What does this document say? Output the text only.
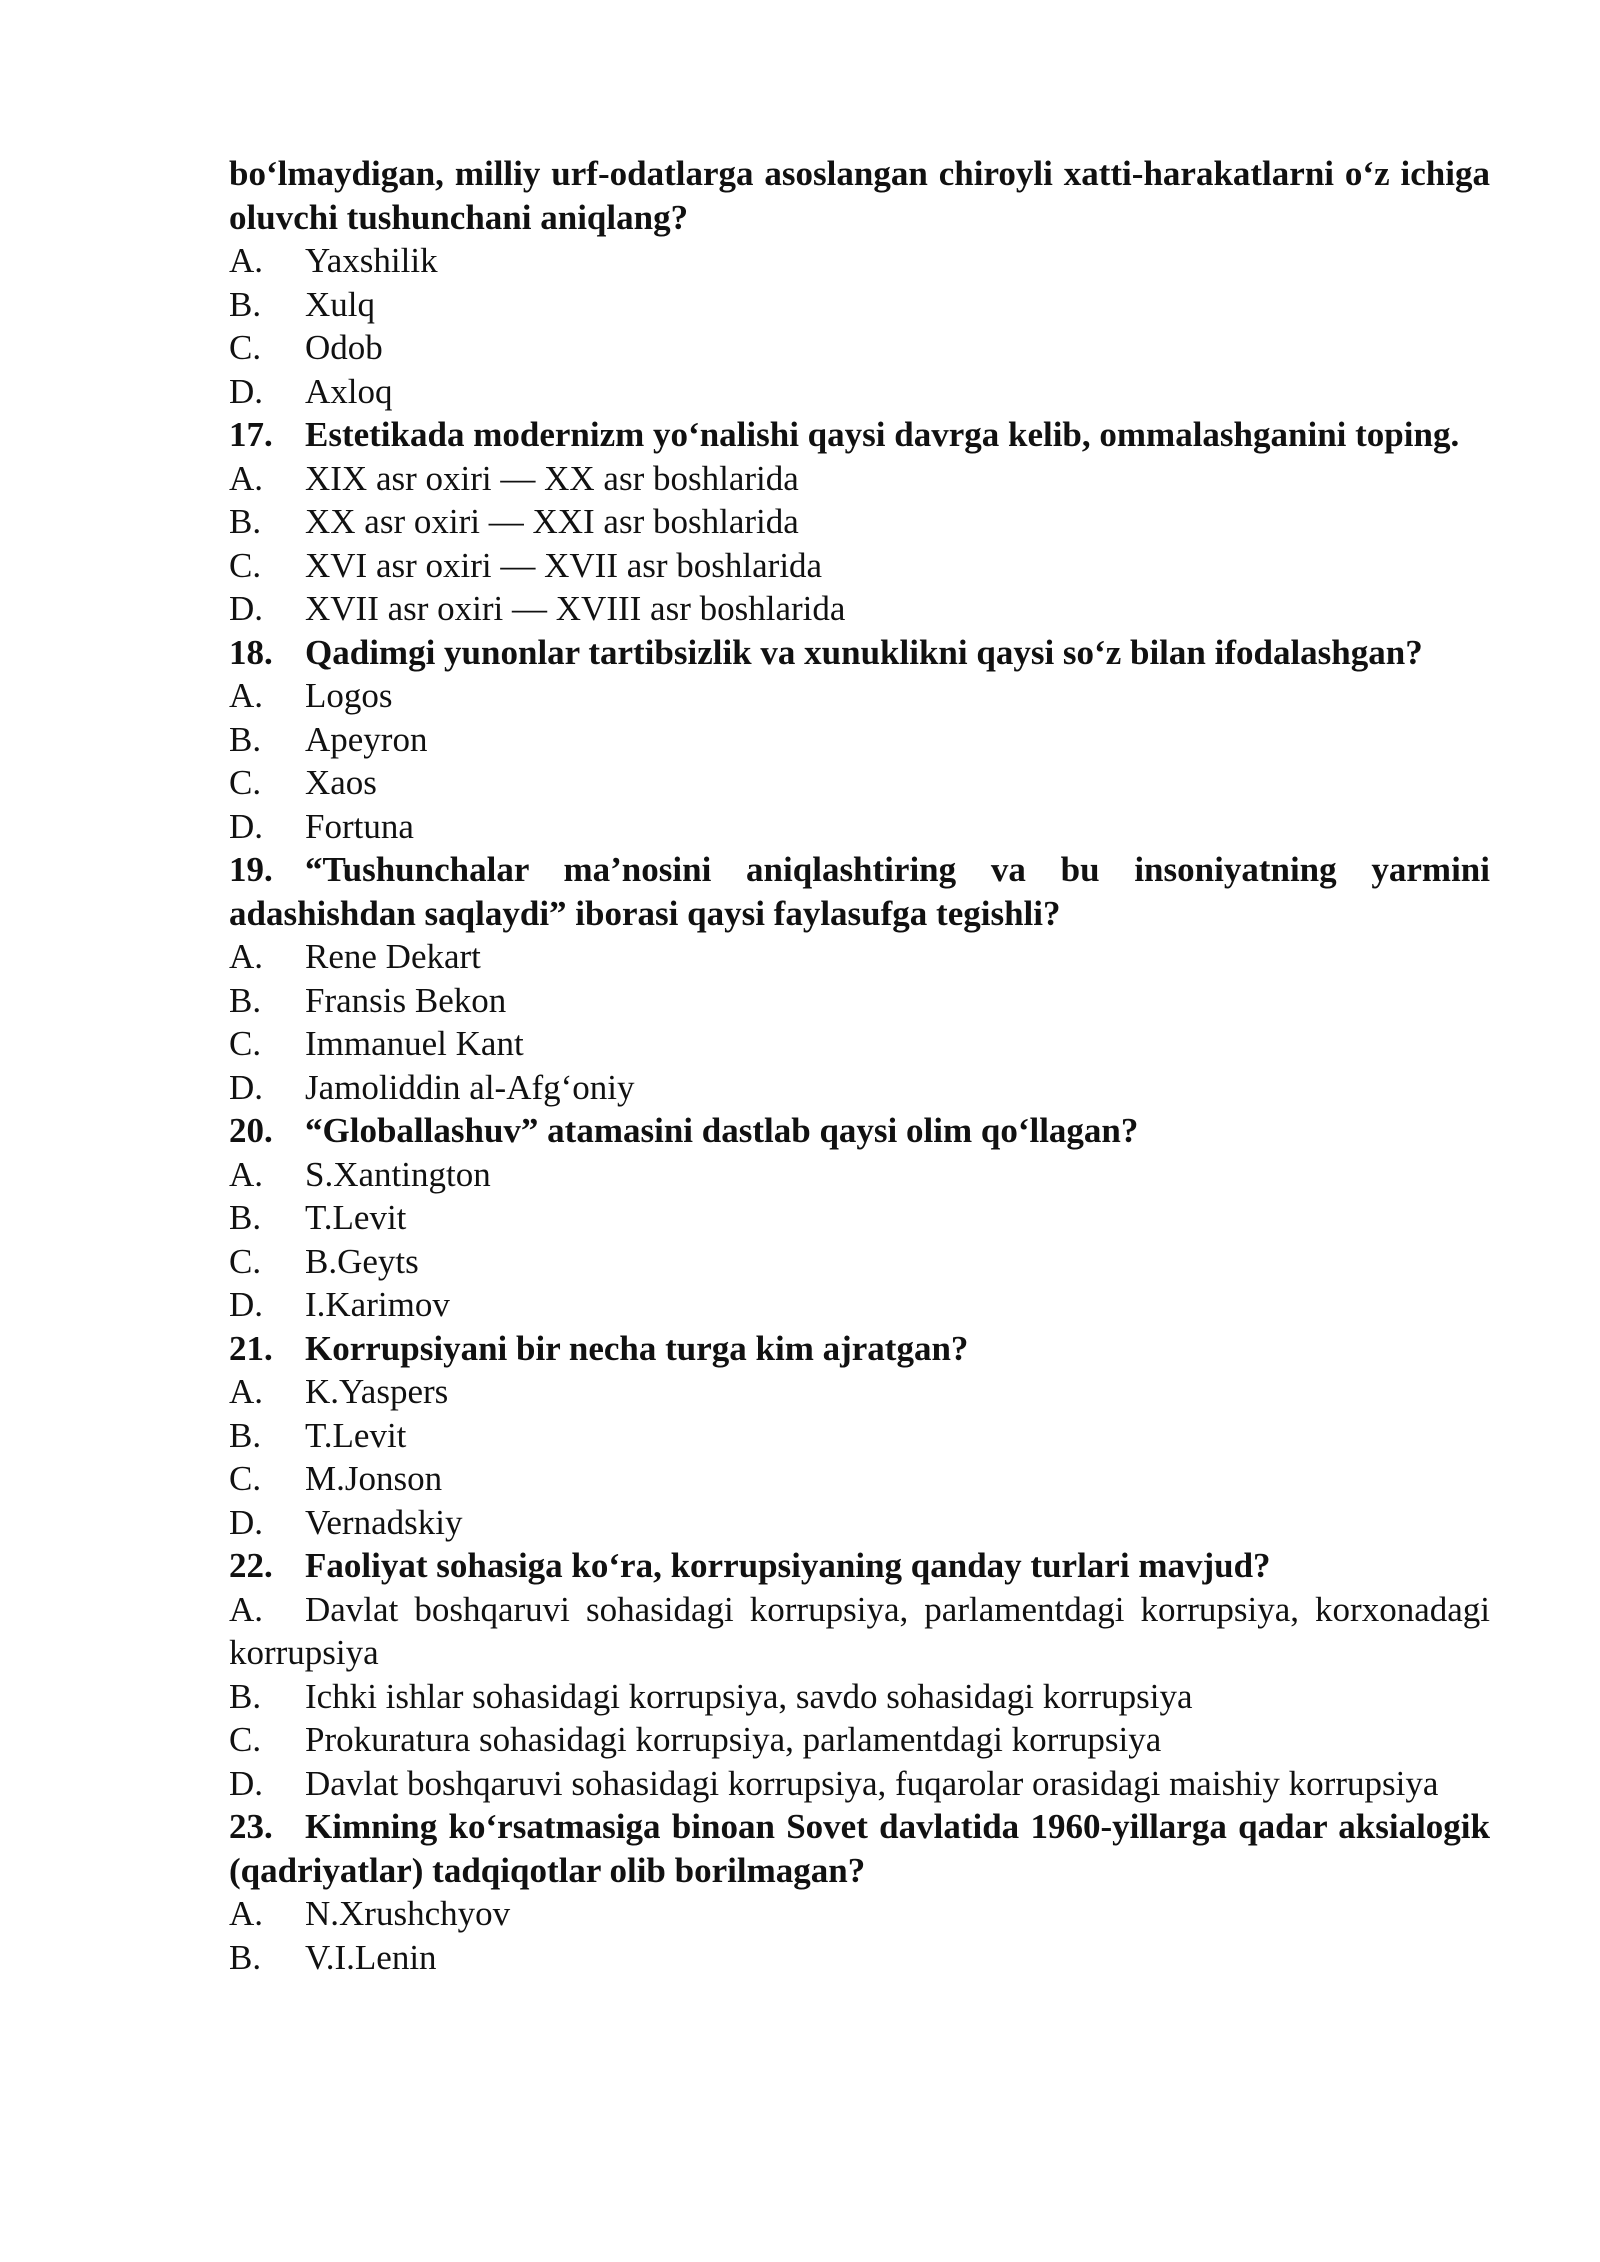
bo‘lmaydigan, milliy urf-odatlarga asoslangan chiroyli xatti-harakatlarni o‘z ichiga oluvchi tushunchani aniqlang?
A. Yaxshilik
B. Xulq
C. Odob
D. Axloq
17. Estetikada modernizm yo‘nalishi qaysi davrga kelib, ommalashganini toping.
A. XIX asr oxiri — XX asr boshlarida
B. XX asr oxiri — XXI asr boshlarida
C. XVI asr oxiri — XVII asr boshlarida
D. XVII asr oxiri — XVIII asr boshlarida
18. Qadimgi yunonlar tartibsizlik va xunuklikni qaysi so‘z bilan ifodalashgan?
A. Logos
B. Apeyron
C. Xaos
D. Fortuna
19. “Tushunchalar ma’nosini aniqlashtiring va bu insoniyatning yarmini adashishdan saqlaydi” iborasi qaysi faylasufga tegishli?
A. Rene Dekart
B. Fransis Bekon
C. Immanuel Kant
D. Jamoliddin al-Afg‘oniy
20. “Globallashuv” atamasini dastlab qaysi olim qo‘llagan?
A. S.Xantington
B. T.Levit
C. B.Geyts
D. I.Karimov
21. Korrupsiyani bir necha turga kim ajratgan?
A. K.Yaspers
B. T.Levit
C. M.Jonson
D. Vernadskiy
22. Faoliyat sohasiga ko‘ra, korrupsiyaning qanday turlari mavjud?
A. Davlat boshqaruvi sohasidagi korrupsiya, parlamentdagi korrupsiya, korxonadagi korrupsiya
B. Ichki ishlar sohasidagi korrupsiya, savdo sohasidagi korrupsiya
C. Prokuratura sohasidagi korrupsiya, parlamentdagi korrupsiya
D. Davlat boshqaruvi sohasidagi korrupsiya, fuqarolar orasidagi maishiy korrupsiya
23. Kimning ko‘rsatmasiga binoan Sovet davlatida 1960-yillarga qadar aksialogik (qadriyatlar) tadqiqotlar olib borilmagan?
A. N.Xrushchyov
B. V.I.Lenin
